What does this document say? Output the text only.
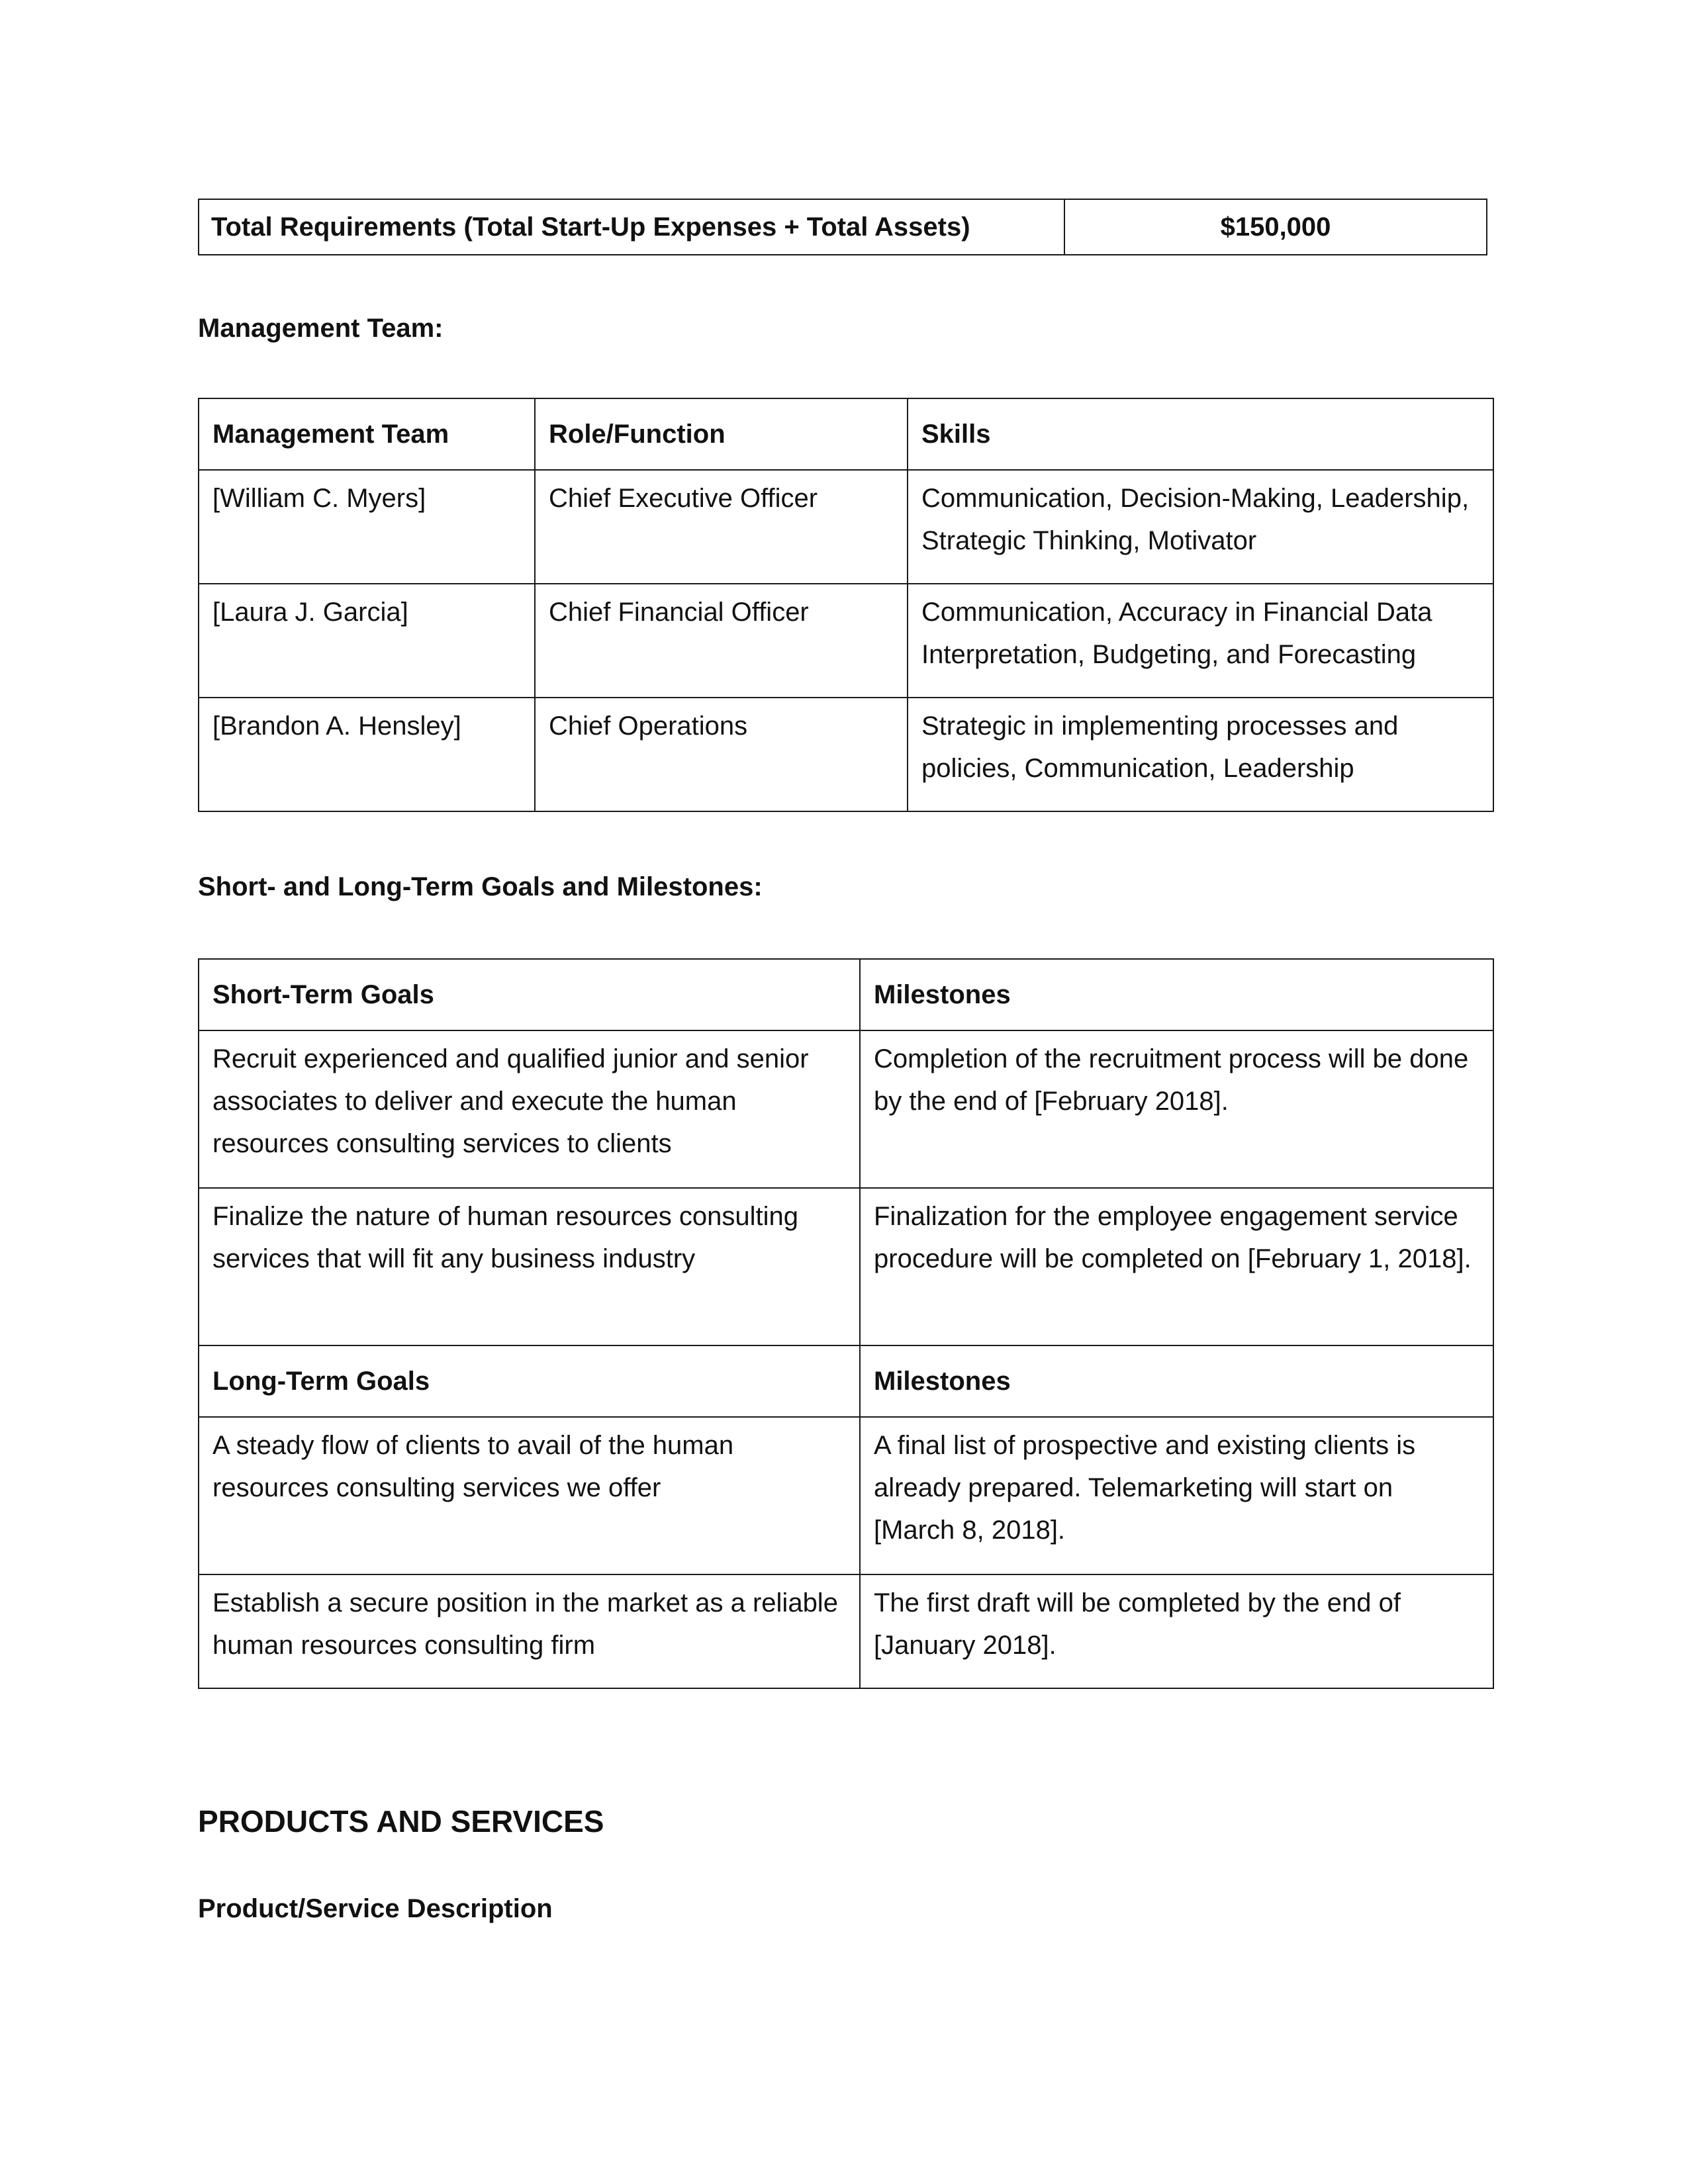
Total Requirements (Total Start-Up Expenses + Total Assets)	$150,000

Management Team:

Management Team	Role/Function	Skills
[William C. Myers]	Chief Executive Officer	Communication, Decision-Making, Leadership, Strategic Thinking, Motivator
[Laura J. Garcia]	Chief Financial Officer	Communication, Accuracy in Financial Data Interpretation, Budgeting, and Forecasting
[Brandon A. Hensley]	Chief Operations	Strategic in implementing processes and policies, Communication, Leadership

Short- and Long-Term Goals and Milestones:

Short-Term Goals	Milestones
Recruit experienced and qualified junior and senior associates to deliver and execute the human resources consulting services to clients	Completion of the recruitment process will be done by the end of [February 2018].
Finalize the nature of human resources consulting services that will fit any business industry	Finalization for the employee engagement service procedure will be completed on [February 1, 2018].
Long-Term Goals	Milestones
A steady flow of clients to avail of the human resources consulting services we offer	A final list of prospective and existing clients is already prepared. Telemarketing will start on [March 8, 2018].
Establish a secure position in the market as a reliable human resources consulting firm	The first draft will be completed by the end of [January 2018].

PRODUCTS AND SERVICES

Product/Service Description
